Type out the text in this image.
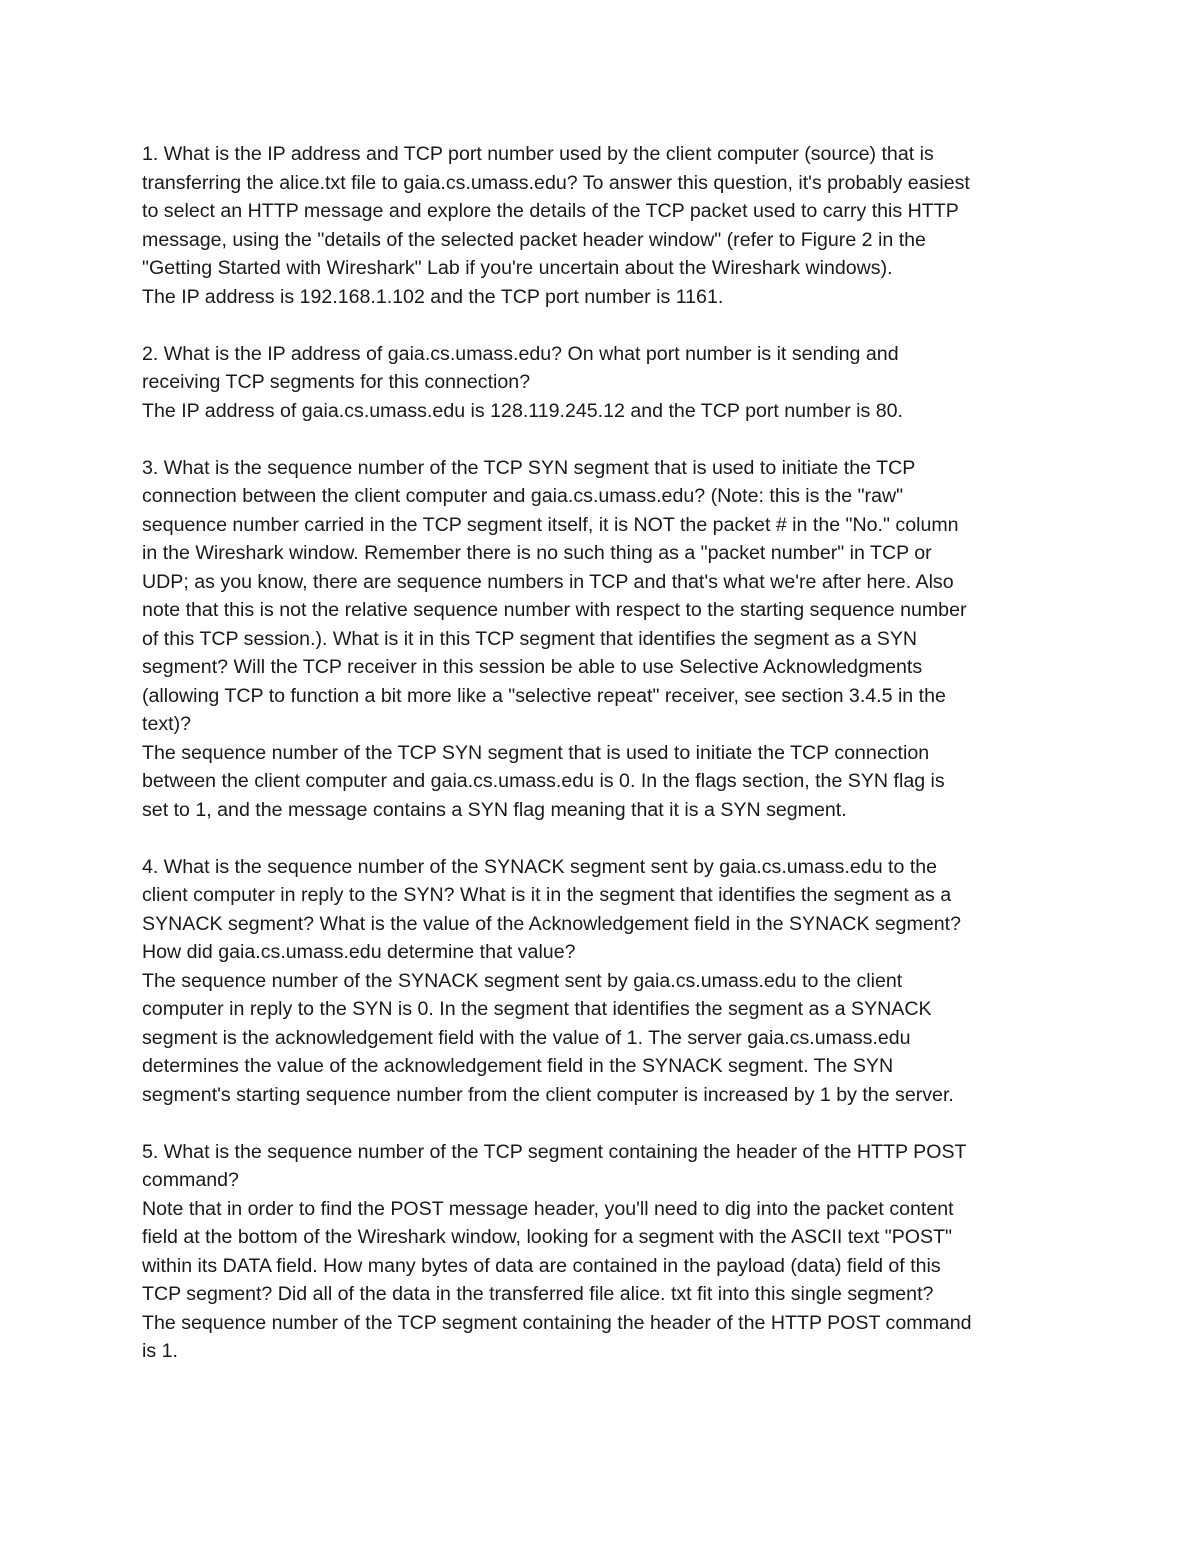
1. What is the IP address and TCP port number used by the client computer (source) that is
transferring the alice.txt file to gaia.cs.umass.edu? To answer this question, it's probably easiest
to select an HTTP message and explore the details of the TCP packet used to carry this HTTP
message, using the "details of the selected packet header window" (refer to Figure 2 in the
"Getting Started with Wireshark" Lab if you're uncertain about the Wireshark windows).
The IP address is 192.168.1.102 and the TCP port number is 1161.
2. What is the IP address of gaia.cs.umass.edu? On what port number is it sending and
receiving TCP segments for this connection?
The IP address of gaia.cs.umass.edu is 128.119.245.12 and the TCP port number is 80.
3. What is the sequence number of the TCP SYN segment that is used to initiate the TCP
connection between the client computer and gaia.cs.umass.edu? (Note: this is the "raw"
sequence number carried in the TCP segment itself, it is NOT the packet # in the "No." column
in the Wireshark window. Remember there is no such thing as a "packet number" in TCP or
UDP; as you know, there are sequence numbers in TCP and that's what we're after here. Also
note that this is not the relative sequence number with respect to the starting sequence number
of this TCP session.). What is it in this TCP segment that identifies the segment as a SYN
segment? Will the TCP receiver in this session be able to use Selective Acknowledgments
(allowing TCP to function a bit more like a "selective repeat" receiver, see section 3.4.5 in the
text)?
The sequence number of the TCP SYN segment that is used to initiate the TCP connection
between the client computer and gaia.cs.umass.edu is 0. In the flags section, the SYN flag is
set to 1, and the message contains a SYN flag meaning that it is a SYN segment.
4. What is the sequence number of the SYNACK segment sent by gaia.cs.umass.edu to the
client computer in reply to the SYN? What is it in the segment that identifies the segment as a
SYNACK segment? What is the value of the Acknowledgement field in the SYNACK segment?
How did gaia.cs.umass.edu determine that value?
The sequence number of the SYNACK segment sent by gaia.cs.umass.edu to the client
computer in reply to the SYN is 0. In the segment that identifies the segment as a SYNACK
segment is the acknowledgement field with the value of 1. The server gaia.cs.umass.edu
determines the value of the acknowledgement field in the SYNACK segment. The SYN
segment's starting sequence number from the client computer is increased by 1 by the server.
5. What is the sequence number of the TCP segment containing the header of the HTTP POST
command?
Note that in order to find the POST message header, you'll need to dig into the packet content
field at the bottom of the Wireshark window, looking for a segment with the ASCII text "POST"
within its DATA field. How many bytes of data are contained in the payload (data) field of this
TCP segment? Did all of the data in the transferred file alice. txt fit into this single segment?
The sequence number of the TCP segment containing the header of the HTTP POST command
is 1.
